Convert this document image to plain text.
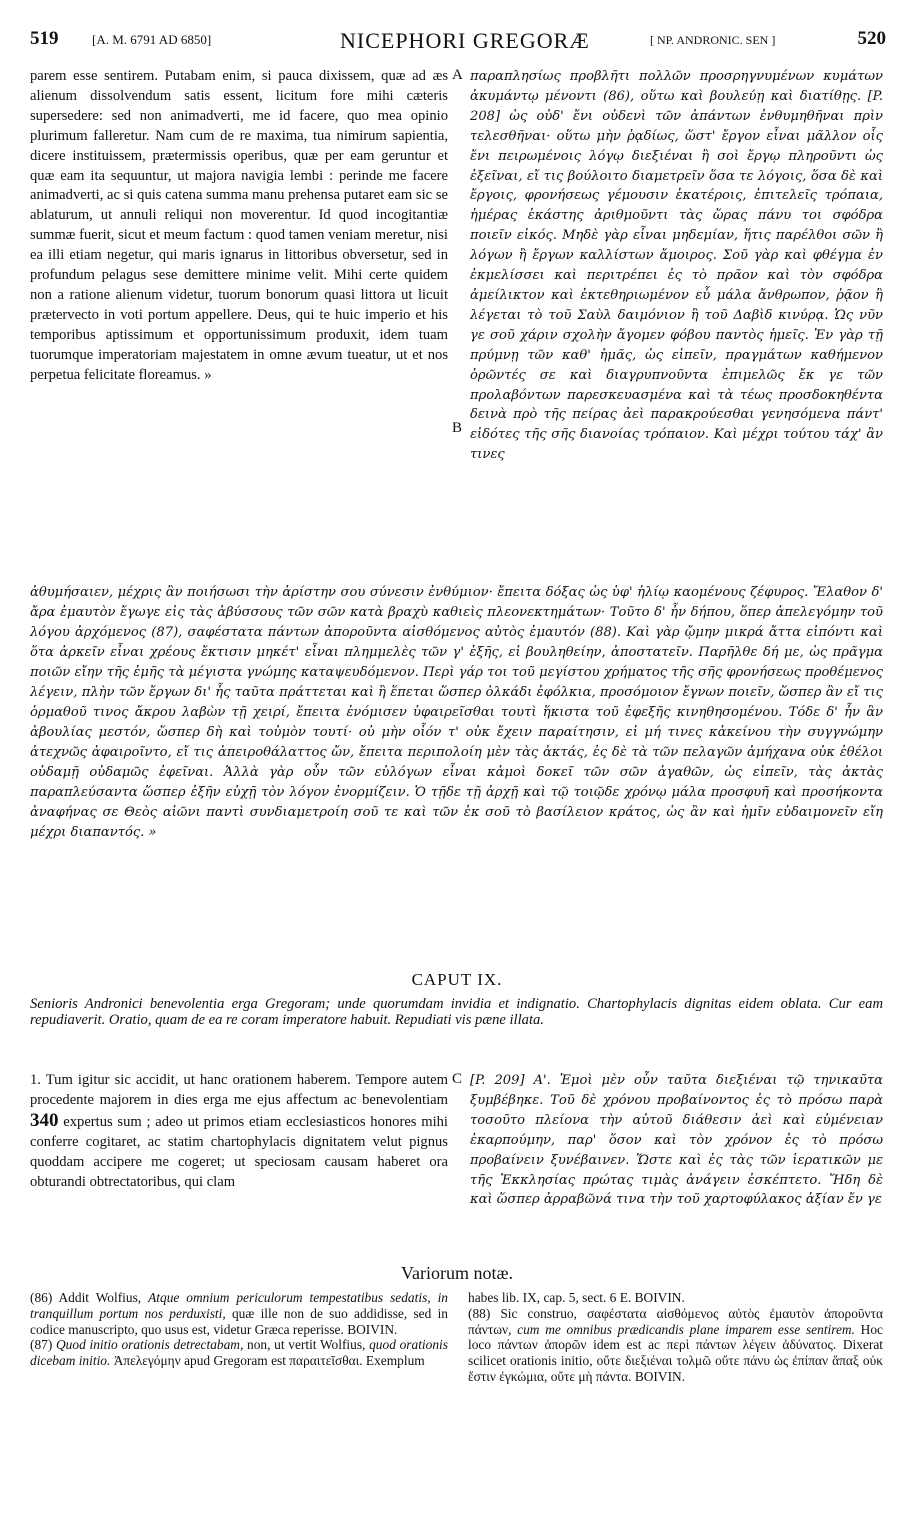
519	[A. M. 6791 AD 6850]	NICEPHORI GREGORÆ	[ NP. ANDRONIC. SEN ]	520

parem esse sentirem. Putabam enim, si pauca dixissem, quæ ad æs alienum dissolvendum satis essent, licitum fore mihi cæteris supersedere: sed non animadverti, me id facere, quo mea opinio plurimum falleretur. Nam cum de re maxima, tua nimirum sapientia, dicere instituissem, prætermissis operibus, quæ per eam geruntur et quæ eam ita sequuntur, ut majora navigia lembi : perinde me facere animadverti, ac si quis catena summa manu prehensa putaret eam sic se ablaturum, ut annuli reliqui non moverentur. Id quod incogitantiæ summæ fuerit, sicut et meum factum : quod tamen veniam meretur, nisi ea illi etiam negetur, qui maris ignarus in littoribus obversetur, sed in profundum pelagus sese demittere minime velit. Mihi certe quidem non a ratione alienum videtur, tuorum bonorum quasi littora ut licuit prætervecto in voti portum appellere. Deus, qui te huic imperio et his temporibus aptissimum et opportunissimum produxit, idem tuam tuorumque imperatoriam majestatem in omne ævum tueatur, ut et nos perpetua felicitate floreamus. »

A
B

παραπλησίως προβλῆτι πολλῶν προσρηγνυμένων κυμάτων ἀκυμάντῳ μένοντι (86), οὕτω καὶ βουλεύῃ καὶ διατίθῃς. [P. 208] ὡς οὐδ' ἔνι οὐδενὶ τῶν ἁπάντων ἐνθυμηθῆναι πρὶν τελεσθῆναι· οὕτω μὴν ῥᾳδίως, ὥστ' ἔργον εἶναι μᾶλλον οἷς ἔνι πειρωμένοις λόγῳ διεξιέναι ἢ σοὶ ἔργῳ πληροῦντι ὡς ἐξεῖναι, εἴ τις βούλοιτο διαμετρεῖν ὅσα τε λόγοις, ὅσα δὲ καὶ ἔργοις, φρονήσεως γέμουσιν ἑκατέροις, ἐπιτελεῖς τρόπαια, ἡμέρας ἑκάστης ἀριθμοῦντι τὰς ὥρας πάνυ τοι σφόδρα ποιεῖν εἰκός. Μηδὲ γὰρ εἶναι μηδεμίαν, ἥτις παρέλθοι σῶν ἢ λόγων ἢ ἔργων καλλίστων ἄμοιρος. Σοῦ γὰρ καὶ φθέγμα ἐν ἐκμελίσσει καὶ περιτρέπει ἐς τὸ πρᾶον καὶ τὸν σφόδρα ἀμείλικτον καὶ ἐκτεθηριωμένον εὖ μάλα ἄνθρωπον, ῥᾷον ἢ λέγεται τὸ τοῦ Σαὺλ δαιμόνιον ἢ τοῦ Δαβὶδ κινύρᾳ. Ὡς νῦν γε σοῦ χάριν σχολὴν ἄγομεν φόβου παντὸς ἡμεῖς. Ἐν γὰρ τῇ πρύμνῃ τῶν καθ' ἡμᾶς, ὡς εἰπεῖν, πραγμάτων καθήμενον ὁρῶντές σε καὶ διαγρυπνοῦντα ἐπιμελῶς ἔκ γε τῶν προλαβόντων παρεσκευασμένα καὶ τὰ τέως προσδοκηθέντα δεινὰ πρὸ τῆς πείρας ἀεὶ παρακρούεσθαι γενησόμενα πάντ' εἰδότες τῆς σῆς διανοίας τρόπαιον. Καὶ μέχρι τούτου τάχ' ἂν τινες

ἀθυμήσαιεν, μέχρις ἂν ποιήσωσι τὴν ἀρίστην σου σύνεσιν ἐνθύμιον· ἔπειτα δόξας ὡς ὑφ' ἡλίῳ καομένους ζέφυρος. Ἔλαθον δ' ἄρα ἐμαυτὸν ἔγωγε εἰς τὰς ἀβύσσους τῶν σῶν κατὰ βραχὺ καθιεὶς πλεονεκτημάτων· Τοῦτο δ' ἦν δήπου, ὅπερ ἀπελεγόμην τοῦ λόγου ἀρχόμενος (87), σαφέστατα πάντων ἀποροῦντα αἰσθόμενος αὐτὸς ἐμαυτόν (88). Καὶ γὰρ ᾤμην μικρά ἄττα εἰπόντι καὶ ὅτα ἀρκεῖν εἶναι χρέους ἔκτισιν μηκέτ' εἶναι πλημμελὲς τῶν γ' ἑξῆς, εἰ βουληθείην, ἀποστατεῖν. Παρῆλθε δή με, ὡς πρᾶγμα ποιῶν εἴην τῆς ἐμῆς τὰ μέγιστα γνώμης καταψευδόμενον. Περὶ γάρ τοι τοῦ μεγίστου χρήματος τῆς σῆς φρονήσεως προθέμενος λέγειν, πλὴν τῶν ἔργων δι' ἧς ταῦτα πράττεται καὶ ἣ ἕπεται ὥσπερ ὁλκάδι ἐφόλκια, προσόμοιον ἔγνων ποιεῖν, ὥσπερ ἂν εἴ τις ὁρμαθοῦ τινος ἄκρου λαβὼν τῇ χειρί, ἔπειτα ἐνόμισεν ὑφαιρεῖσθαι τουτὶ ἥκιστα τοῦ ἐφεξῆς κινηθησομένου. Τόδε δ' ἦν ἂν ἀβουλίας μεστόν, ὥσπερ δὴ καὶ τοὐμὸν τουτί· οὐ μὴν οἷόν τ' οὐκ ἔχειν παραίτησιν, εἰ μή τινες κἀκείνου τὴν συγγνώμην ἀτεχνῶς ἀφαιροῖντο, εἴ τις ἀπειροθάλαττος ὤν, ἔπειτα περιπολοίη μὲν τὰς ἀκτάς, ἐς δὲ τὰ τῶν πελαγῶν ἀμήχανα οὐκ ἐθέλοι οὐδαμῇ οὐδαμῶς ἐφεῖναι. Ἀλλὰ γὰρ οὖν τῶν εὐλόγων εἶναι κἀμοὶ δοκεῖ τῶν σῶν ἀγαθῶν, ὡς εἰπεῖν, τὰς ἀκτὰς παραπλεύσαντα ὥσπερ ἐξῆν εὐχῇ τὸν λόγον ἐνορμίζειν. Ὁ τῇδε τῇ ἀρχῇ καὶ τῷ τοιῷδε χρόνῳ μάλα προσφυῆ καὶ προσήκοντα ἀναφήνας σε Θεὸς αἰῶνι παντὶ συνδιαμετροίη σοῦ τε καὶ τῶν ἐκ σοῦ τὸ βασίλειον κράτος, ὡς ἂν καὶ ἡμῖν εὐδαιμονεῖν εἴη μέχρι διαπαντός. »

CAPUT IX.

Senioris Andronici benevolentia erga Gregoram; unde quorumdam invidia et indignatio. Chartophylacis dignitas eidem oblata. Cur eam repudiaverit. Oratio, quam de ea re coram imperatore habuit. Repudiati vis pæne illata.

1. Tum igitur sic accidit, ut hanc orationem haberem. Tempore autem procedente majorem in dies erga me ejus affectum ac benevolentiam 340 expertus sum ; adeo ut primos etiam ecclesiasticos honores mihi conferre cogitaret, ac statim chartophylacis dignitatem velut pignus quoddam accipere me cogeret; ut speciosam causam haberet ora obturandi obtrectatoribus, qui clam

C [P. 209] Α'. Ἐμοὶ μὲν οὖν ταῦτα διεξιέναι τῷ τηνικαῦτα ξυμβέβηκε. Τοῦ δὲ χρόνου προβαίνοντος ἐς τὸ πρόσω παρὰ τοσοῦτο πλείονα τὴν αὐτοῦ διάθεσιν ἀεὶ καὶ εὐμένειαν ἐκαρπούμην, παρ' ὅσον καὶ τὸν χρόνον ἐς τὸ πρόσω προβαίνειν ξυνέβαινεν. Ὥστε καὶ ἐς τὰς τῶν ἱερατικῶν με τῆς Ἐκκλησίας πρώτας τιμὰς ἀνάγειν ἐσκέπτετο. Ἤδη δὲ καὶ ὥσπερ ἀρραβῶνά τινα τὴν τοῦ χαρτοφύλακος ἀξίαν ἔν γε

Variorum notæ.

(86) Addit Wolfius, Atque omnium periculorum tempestatibus sedatis, in tranquillum portum nos perduxisti, quæ ille non de suo addidisse, sed in codice manuscripto, quo usus est, videtur Græca reperisse. BOIVIN.
(87) Quod initio orationis detrectabam, non, ut vertit Wolfius, quod orationis dicebam initio. Ἀπελεγόμην apud Gregoram est παραιτεῖσθαι. Exemplum

habes lib. IX, cap. 5, sect. 6 E. BOIVIN.
(88) Sic construo, σαφέστατα αἰσθόμενος αὐτὸς ἐμαυτὸν ἀποροῦντα πάντων, cum me omnibus prædicandis plane imparem esse sentirem. Hoc loco πάντων ἀπορῶν idem est ac περὶ πάντων λέγειν ἀδύνατος. Dixerat scilicet orationis initio, οὔτε διεξιέναι τολμῶ οὔτε πάνυ ὡς ἐπίπαν ἅπαξ οὐκ ἔστιν ἐγκώμια, οὔτε μὴ πάντα. BOIVIN.
